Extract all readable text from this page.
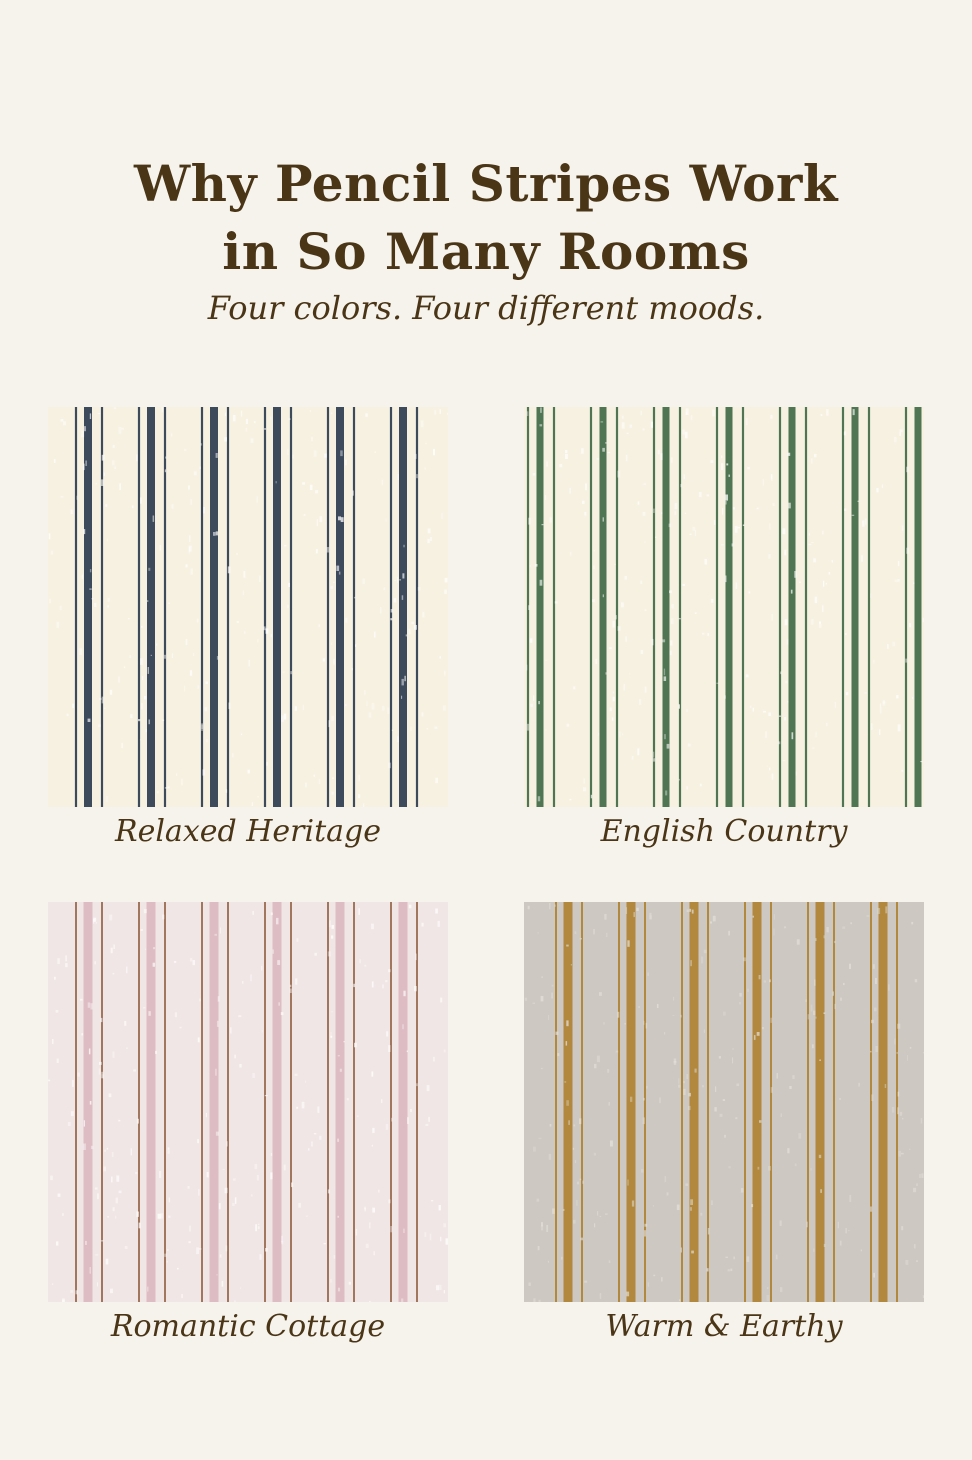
Why Pencil Stripes Work
in So Many Rooms

Four colors. Four different moods.

Relaxed Heritage	English Country
Romantic Cottage	Warm & Earthy
